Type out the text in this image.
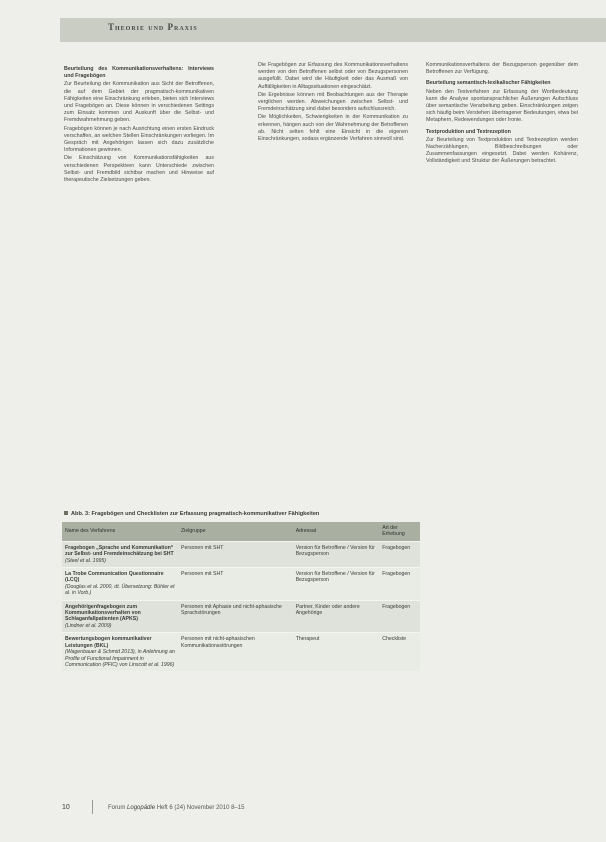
Theorie und Praxis

Beurteilung des Kommunikationsverhaltens: Interviews und Fragebögen

Zur Beurteilung der Kommunikation aus Sicht der Betroffenen, die auf dem Gebiet der pragmatisch-kommunikativen Fähigkeiten eine Einschränkung erleben, bieten sich Interviews und Fragebögen an. Diese können in verschiedenen Settings zum Einsatz kommen und Auskunft über die Selbst- und Fremdwahrnehmung geben.

Fragebögen können je nach Ausrichtung einen ersten Eindruck verschaffen, an welchen Stellen Einschränkungen vorliegen. Im Gespräch mit Angehörigen lassen sich dazu zusätzliche Informationen gewinnen.

Die Einschätzung von Kommunikationsfähigkeiten aus verschiedenen Perspektiven kann Unterschiede zwischen Selbst- und Fremdbild sichtbar machen und Hinweise auf therapeutische Zielsetzungen geben.

Die Fragebögen zur Erfassung des Kommunikationsverhaltens werden von den Betroffenen selbst oder von Bezugspersonen ausgefüllt. Dabei wird die Häufigkeit oder das Ausmaß von Auffälligkeiten in Alltagssituationen eingeschätzt.

Die Ergebnisse können mit Beobachtungen aus der Therapie verglichen werden. Abweichungen zwischen Selbst- und Fremdeinschätzung sind dabei besonders aufschlussreich.

Die Möglichkeiten, Schwierigkeiten in der Kommunikation zu erkennen, hängen auch von der Wahrnehmung der Betroffenen ab. Nicht selten fehlt eine Einsicht in die eigenen Einschränkungen, sodass ergänzende Verfahren sinnvoll sind.

Kommunikationsverhaltens der Bezugsperson gegenüber dem Betroffenen zur Verfügung.

Beurteilung semantisch-lexikalischer Fähigkeiten

Neben den Testverfahren zur Erfassung der Wortbedeutung kann die Analyse spontansprachlicher Äußerungen Aufschluss über semantische Verarbeitung geben. Einschränkungen zeigen sich häufig beim Verstehen übertragener Bedeutungen, etwa bei Metaphern, Redewendungen oder Ironie.

Textproduktion und Textrezeption

Zur Beurteilung von Textproduktion und Textrezeption werden Nacherzählungen, Bildbeschreibungen oder Zusammenfassungen eingesetzt. Dabei werden Kohärenz, Vollständigkeit und Struktur der Äußerungen betrachtet.

Abb. 3: Fragebögen und Checklisten zur Erfassung pragmatisch-kommunikativer Fähigkeiten
Name des Verfahrens	Zielgruppe	Adressat	Art der Erhebung
Fragebogen „Sprache und Kommunikation“ zur Selbst- und Fremdeinschätzung bei SHT
(Steel et al. 1995)	Personen mit SHT	Version für Betroffene / Version für Bezugsperson	Fragebogen
La Trobe Communication Questionnaire (LCQ)
(Douglas et al. 2000, dt. Übersetzung: Bühler et al. in Vorb.)	Personen mit SHT	Version für Betroffene / Version für Bezugsperson	Fragebogen
Angehörigenfragebogen zum Kommunikationsverhalten von Schlaganfallpatienten (APKS)
(Lindner et al. 2009)	Personen mit Aphasie und nicht-aphasische Sprachstörungen	Partner, Kinder oder andere Angehörige	Fragebogen
Bewertungsbogen kommunikativer Leistungen (BKL)
(Wagenbauer & Schmid 2013), in Anlehnung an Profile of Functional Impairment in Communication (PFIC) von Linscott et al. 1996)	Personen mit nicht-aphasischen Kommunikationsstörungen	Therapeut	Checkliste
10	Forum Logopädie Heft 6 (24) November 2010 8–15
